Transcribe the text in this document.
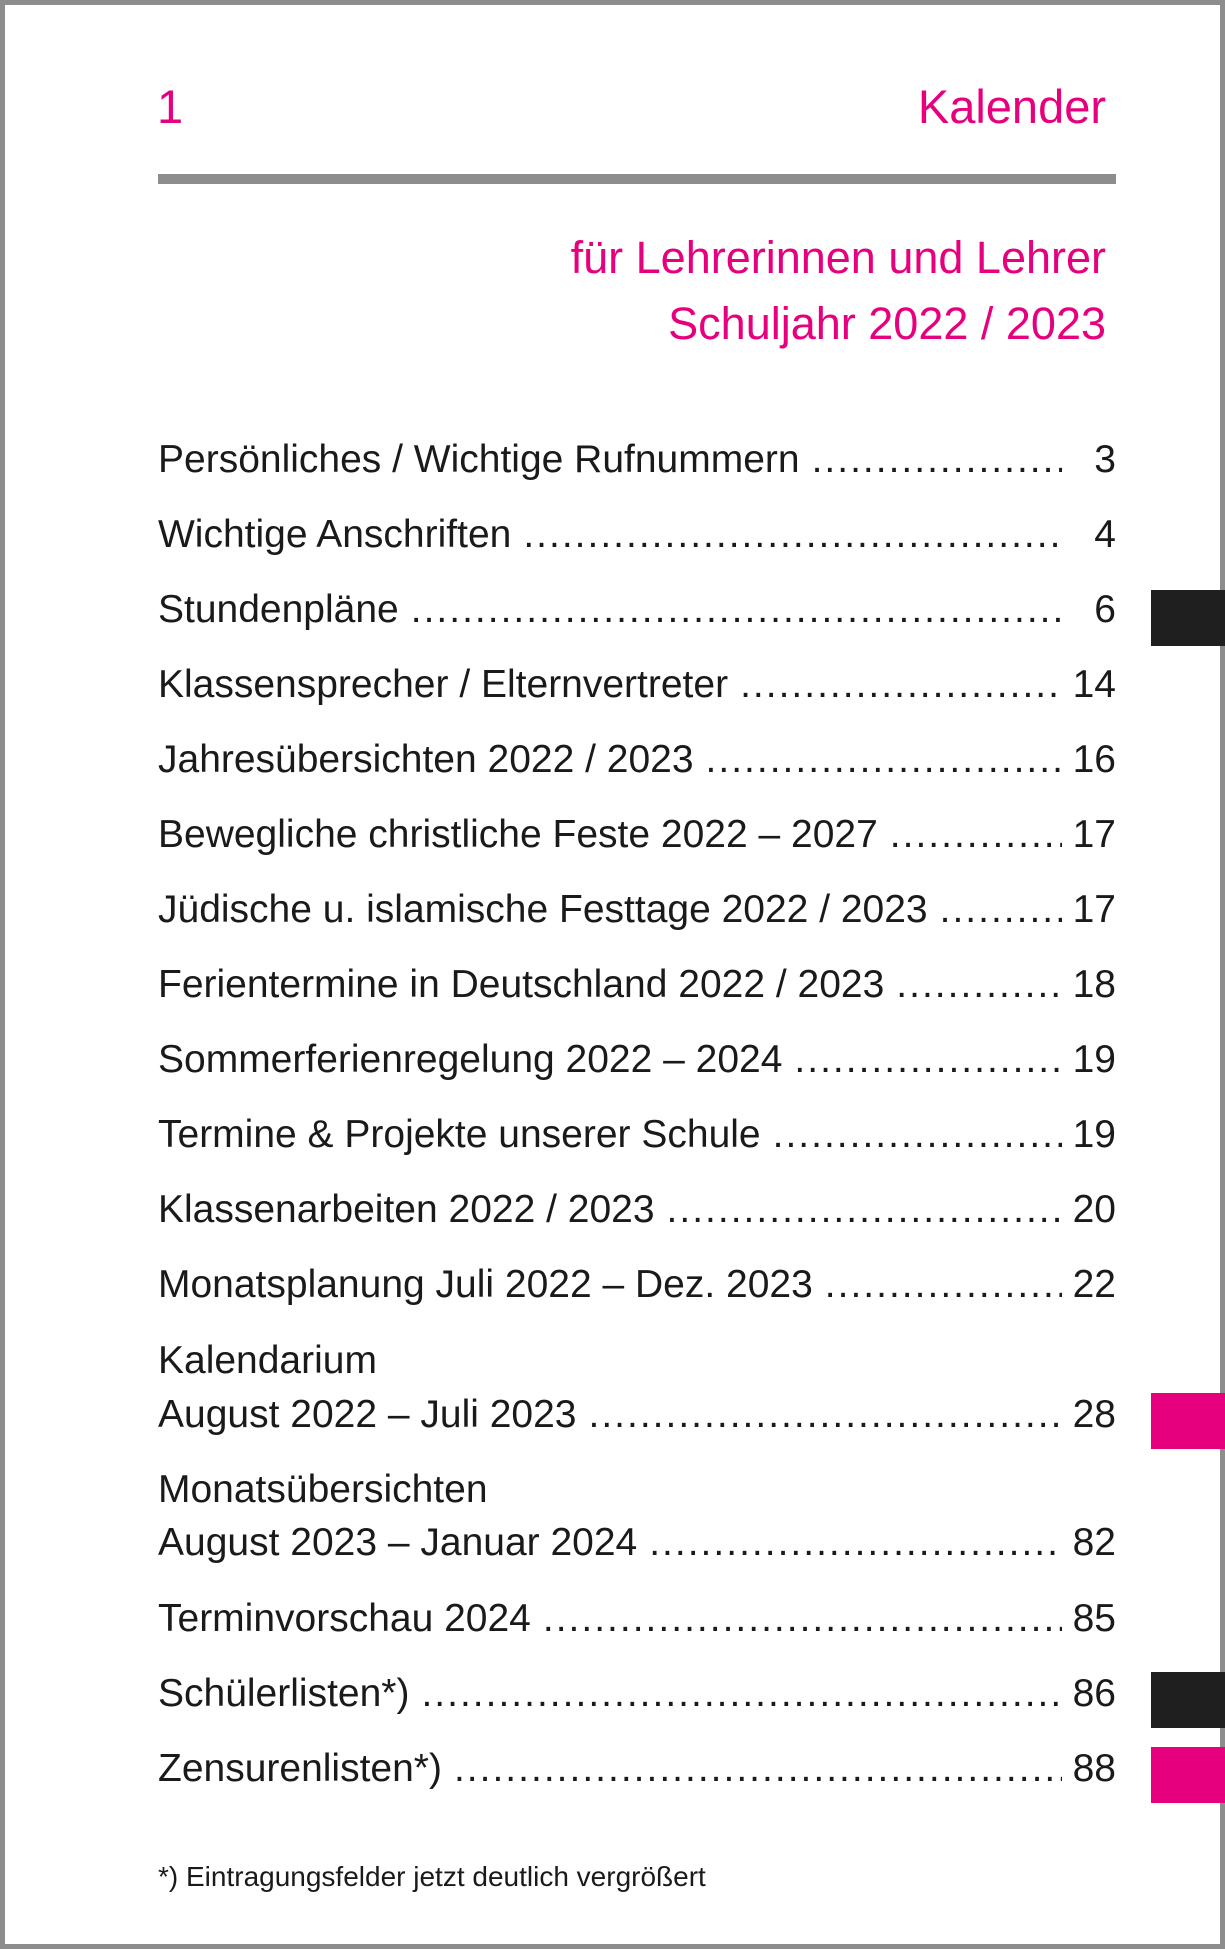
1	Kalender
für Lehrerinnen und Lehrer
Schuljahr 2022 / 2023
Persönliches / Wichtige Rufnummern .....	3
Wichtige Anschriften .....	4
Stundenpläne .....	6
Klassensprecher / Elternvertreter .....	14
Jahresübersichten 2022 / 2023 .....	16
Bewegliche christliche Feste 2022 – 2027 .....	17
Jüdische u. islamische Festtage 2022 / 2023 .....	17
Ferientermine in Deutschland 2022 / 2023 .....	18
Sommerferienregelung 2022 – 2024 .....	19
Termine & Projekte unserer Schule .....	19
Klassenarbeiten 2022 / 2023 .....	20
Monatsplanung Juli 2022 – Dez. 2023 .....	22
Kalendarium
August 2022 – Juli 2023 .....	28
Monatsübersichten
August 2023 – Januar 2024 .....	82
Terminvorschau 2024 .....	85
Schülerlisten*) .....	86
Zensurenlisten*) .....	88
*) Eintragungsfelder jetzt deutlich vergrößert
